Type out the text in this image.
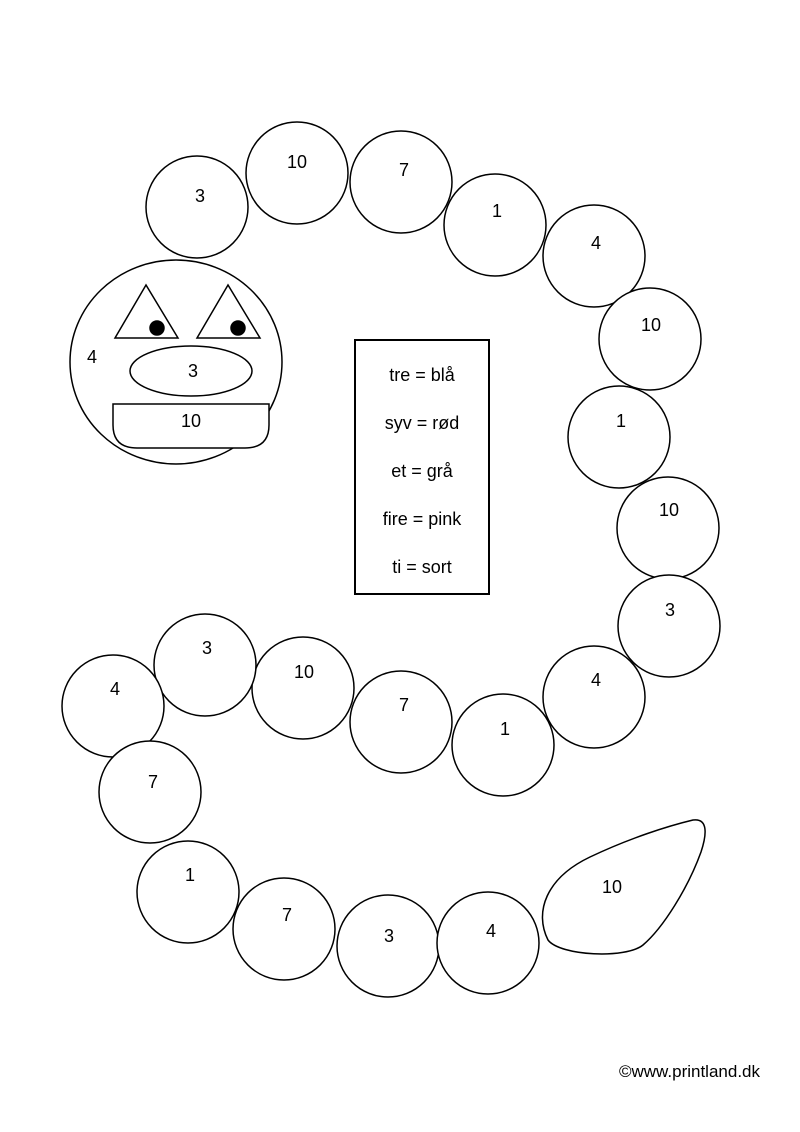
4
3
10
3
10	7
1
4
10
1
10
3
4
1
7
10
3
4
7
1
7
3	4
10
tre = blå
syv = rød
et = grå
fire = pink
ti = sort
©www.printland.dk
